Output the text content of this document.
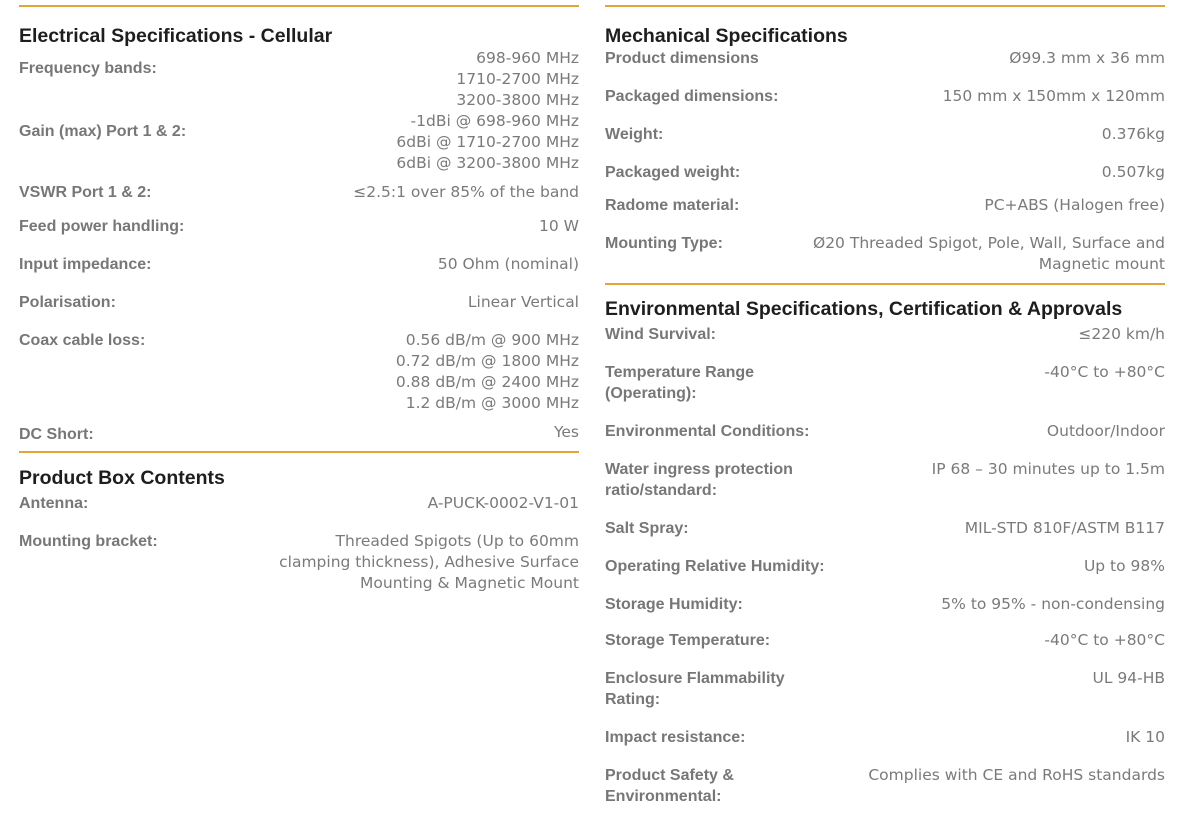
Electrical Specifications - Cellular
Frequency bands:
698-960 MHz
1710-2700 MHz
3200-3800 MHz
Gain (max) Port 1 & 2:
-1dBi @ 698-960 MHz
6dBi @ 1710-2700 MHz
6dBi @ 3200-3800 MHz
VSWR Port 1 & 2:	≤2.5:1 over 85% of the band
Feed power handling:	10 W
Input impedance:	50 Ohm (nominal)
Polarisation:	Linear Vertical
Coax cable loss:	0.56 dB/m @ 900 MHz
0.72 dB/m @ 1800 MHz
0.88 dB/m @ 2400 MHz
1.2 dB/m @ 3000 MHz
DC Short:	Yes
Product Box Contents
Antenna:	A-PUCK-0002-V1-01
Mounting bracket:	Threaded Spigots (Up to 60mm
clamping thickness), Adhesive Surface
Mounting & Magnetic Mount
Mechanical Specifications
Product dimensions	Ø99.3 mm x 36 mm
Packaged dimensions:	150 mm x 150mm x 120mm
Weight:	0.376kg
Packaged weight:	0.507kg
Radome material:	PC+ABS (Halogen free)
Mounting Type:	Ø20 Threaded Spigot, Pole, Wall, Surface and
Magnetic mount
Environmental Specifications, Certification & Approvals
Wind Survival:	≤220 km/h
Temperature Range
(Operating):
-40°C to +80°C
Environmental Conditions:	Outdoor/Indoor
Water ingress protection
ratio/standard:
IP 68 – 30 minutes up to 1.5m
Salt Spray:	MIL-STD 810F/ASTM B117
Operating Relative Humidity:	Up to 98%
Storage Humidity:	5% to 95% - non-condensing
Storage Temperature:	-40°C to +80°C
Enclosure Flammability
Rating:
UL 94-HB
Impact resistance:	IK 10
Product Safety &
Environmental:
Complies with CE and RoHS standards
